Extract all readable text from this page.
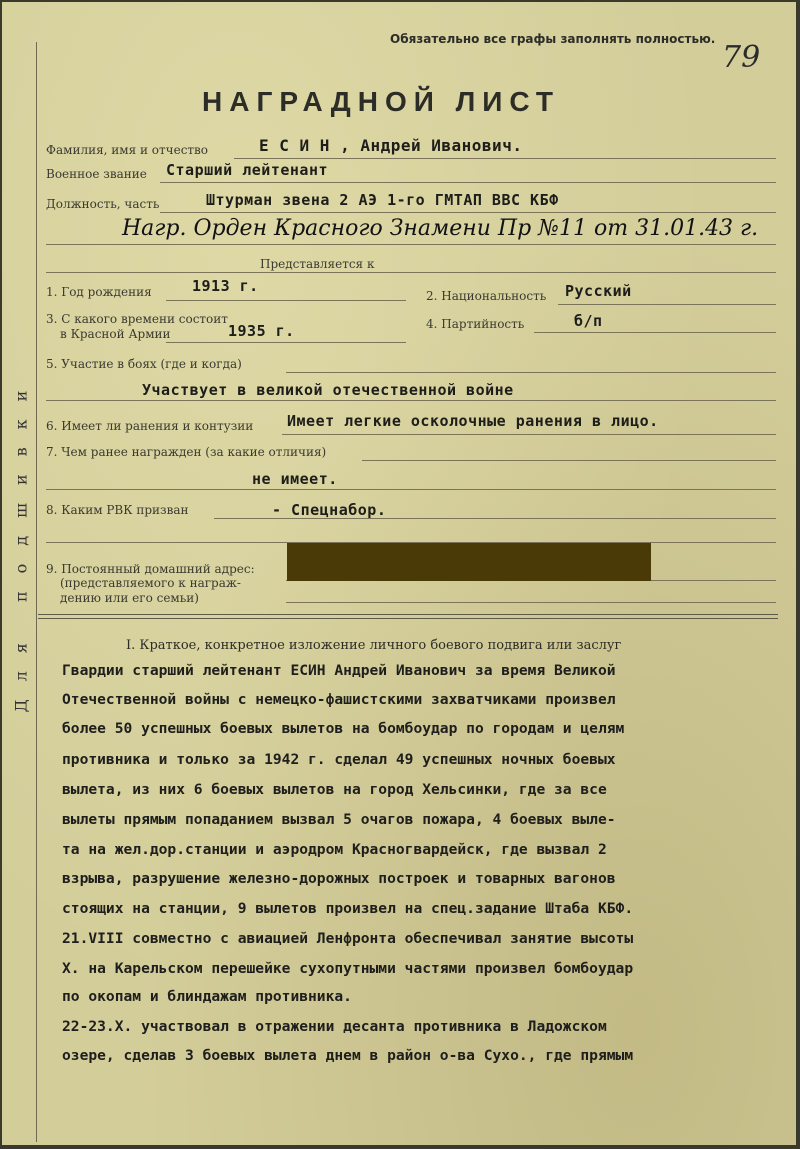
Для подшивки
Обязательно все графы заполнять полностью.
79
НАГРАДНОЙ ЛИСТ
Фамилия, имя и отчество	Е С И Н , Андрей Иванович.
Военное звание Старший лейтенант
Должность, часть	Штурман звена 2 АЭ 1-го ГМТАП ВВС КБФ
Нагр. Орден Красного Знамени Пр №11 от 31.01.43 г.
Представляется к
1. Год рождения	1913 г.
2. Национальность Русский
3. С какого времени состоит
в Красной Армии	1935 г.	4. Партийность	б/п
5. Участие в боях (где и когда)
Участвует в великой отечественной войне
6. Имеет ли ранения и контузии Имеет легкие осколочные ранения в лицо.
7. Чем ранее награжден (за какие отличия)
не имеет.
8. Каким РВК призван	- Спецнабор.
9. Постоянный домашний адрес:
(представляемого к награж-
дению или его семьи)
I. Краткое, конкретное изложение личного боевого подвига или заслуг
Гвардии старший лейтенант ЕСИН Андрей Иванович за время Великой
Отечественной войны с немецко-фашистскими захватчиками произвел
более 50 успешных боевых вылетов на бомбоудар по городам и целям
противника и только за 1942 г. сделал 49 успешных ночных боевых
вылета, из них 6 боевых вылетов на город Хельсинки, где за все
вылеты прямым попаданием вызвал 5 очагов пожара, 4 боевых выле-
та на жел.дор.станции и аэродром Красногвардейск, где вызвал 2
взрыва, разрушение железно-дорожных построек и товарных вагонов
стоящих на станции, 9 вылетов произвел на спец.задание Штаба КБФ.
21.VIII совместно с авиацией Ленфронта обеспечивал занятие высоты
Х. на Карельском перешейке сухопутными частями произвел бомбоудар
по окопам и блиндажам противника.
22-23.Х. участвовал в отражении десанта противника в Ладожском
озере, сделав 3 боевых вылета днем в район о-ва Сухо., где прямым
